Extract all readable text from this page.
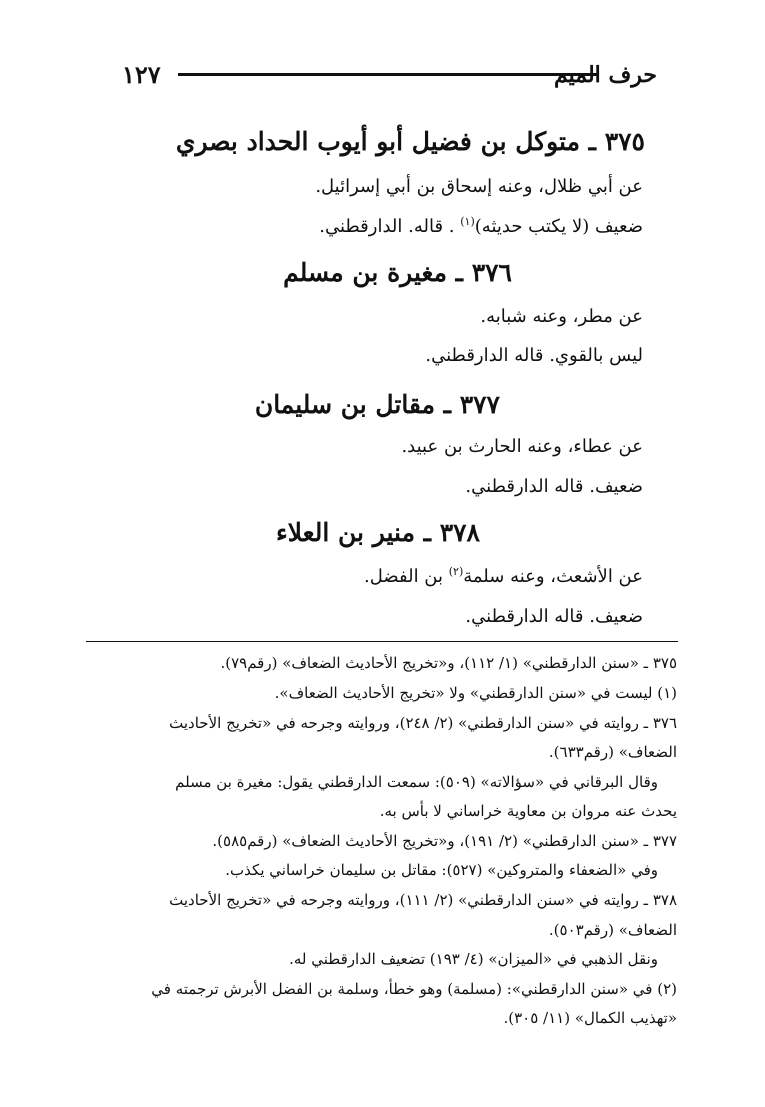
حرف الميم
١٢٧
٣٧٥ ـ متوكل بن فضيل أبو أيوب الحداد بصري
عن أبي ظلال، وعنه إسحاق بن أبي إسرائيل.
ضعيف (لا يكتب حديثه)$^{(١)}$ . قاله. الدارقطني.
٣٧٦ ـ مغيرة بن مسلم
عن مطر، وعنه شبابه.
ليس بالقوي. قاله الدارقطني.
٣٧٧ ـ مقاتل بن سليمان
عن عطاء، وعنه الحارث بن عبيد.
ضعيف. قاله الدارقطني.
٣٧٨ ـ منير بن العلاء
عن الأشعث، وعنه سلمة$^{(٢)}$ بن الفضل.
ضعيف. قاله الدارقطني.
٣٧٥ ـ «سنن الدارقطني» (١/ ١١٢)، و«تخريج الأحاديث الضعاف» (رقم٧٩).
(١) ليست في «سنن الدارقطني» ولا «تخريج الأحاديث الضعاف».
٣٧٦ ـ روايته في «سنن الدارقطني» (٢/ ٢٤٨)، وروايته وجرحه في «تخريج الأحاديث
الضعاف» (رقم٦٣٣).
وقال البرقاني في «سؤالاته» (٥٠٩): سمعت الدارقطني يقول: مغيرة بن مسلم
يحدث عنه مروان بن معاوية خراساني لا بأس به.
٣٧٧ ـ «سنن الدارقطني» (٢/ ١٩١)، و«تخريج الأحاديث الضعاف» (رقم٥٨٥).
وفي «الضعفاء والمتروكين» (٥٢٧): مقاتل بن سليمان خراساني يكذب.
٣٧٨ ـ روايته في «سنن الدارقطني» (٢/ ١١١)، وروايته وجرحه في «تخريج الأحاديث
الضعاف» (رقم٥٠٣).
ونقل الذهبي في «الميزان» (٤/ ١٩٣) تضعيف الدارقطني له.
(٢) في «سنن الدارقطني»: (مسلمة) وهو خطأ، وسلمة بن الفضل الأبرش ترجمته في
«تهذيب الكمال» (١١/ ٣٠٥).
